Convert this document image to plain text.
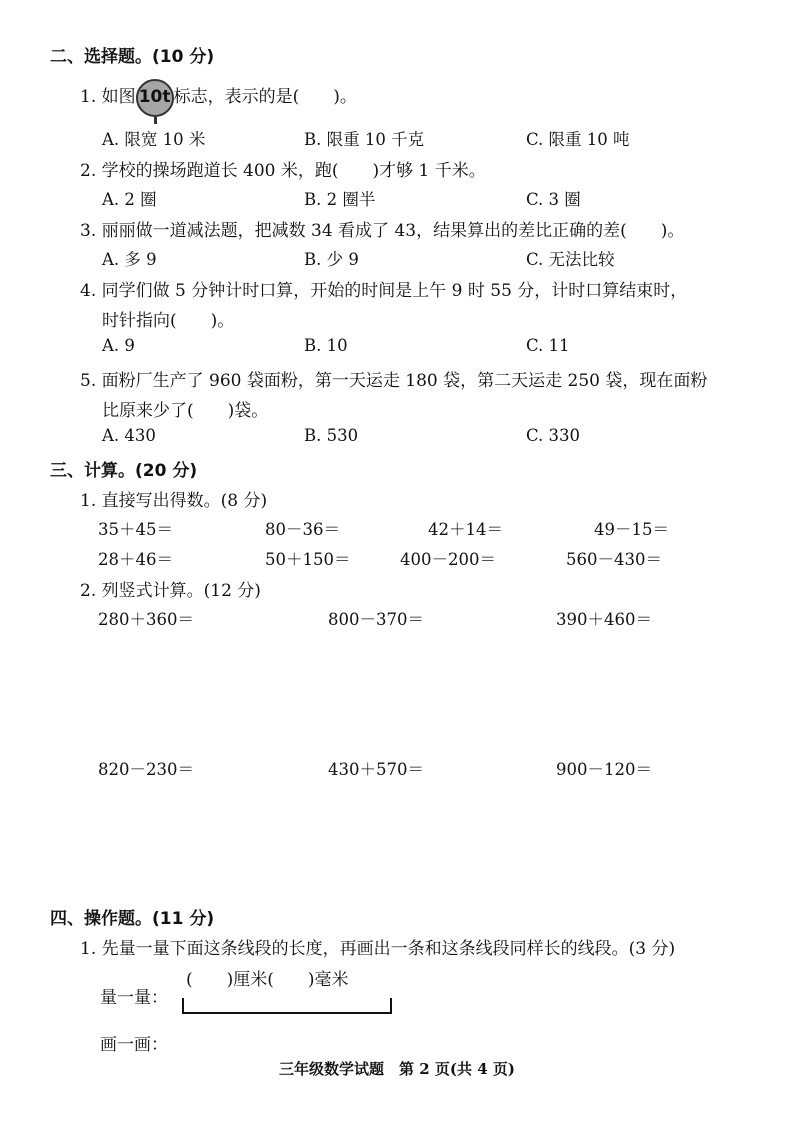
二、选择题。(10 分)
1. 如图 10t 标志，表示的是(　　)。
A. 限宽 10 米	B. 限重 10 千克	C. 限重 10 吨
2. 学校的操场跑道长 400 米，跑(　　)才够 1 千米。
A. 2 圈	B. 2 圈半	C. 3 圈
3. 丽丽做一道减法题，把减数 34 看成了 43，结果算出的差比正确的差(　　)。
A. 多 9	B. 少 9	C. 无法比较
4. 同学们做 5 分钟计时口算，开始的时间是上午 9 时 55 分，计时口算结束时，
时针指向(　　)。
A. 9	B. 10	C. 11
5. 面粉厂生产了 960 袋面粉，第一天运走 180 袋，第二天运走 250 袋，现在面粉
比原来少了(　　)袋。
A. 430	B. 530	C. 330
三、计算。(20 分)
1. 直接写出得数。(8 分)
35＋45＝	80－36＝	42＋14＝	49－15＝
28＋46＝	50＋150＝	400－200＝	560－430＝
2. 列竖式计算。(12 分)
280＋360＝	800－370＝	390＋460＝
820－230＝	430＋570＝	900－120＝
四、操作题。(11 分)
1. 先量一量下面这条线段的长度，再画出一条和这条线段同样长的线段。(3 分)
(　　)厘米(　　)毫米
量一量：
画一画：
三年级数学试题　第 2 页(共 4 页)
